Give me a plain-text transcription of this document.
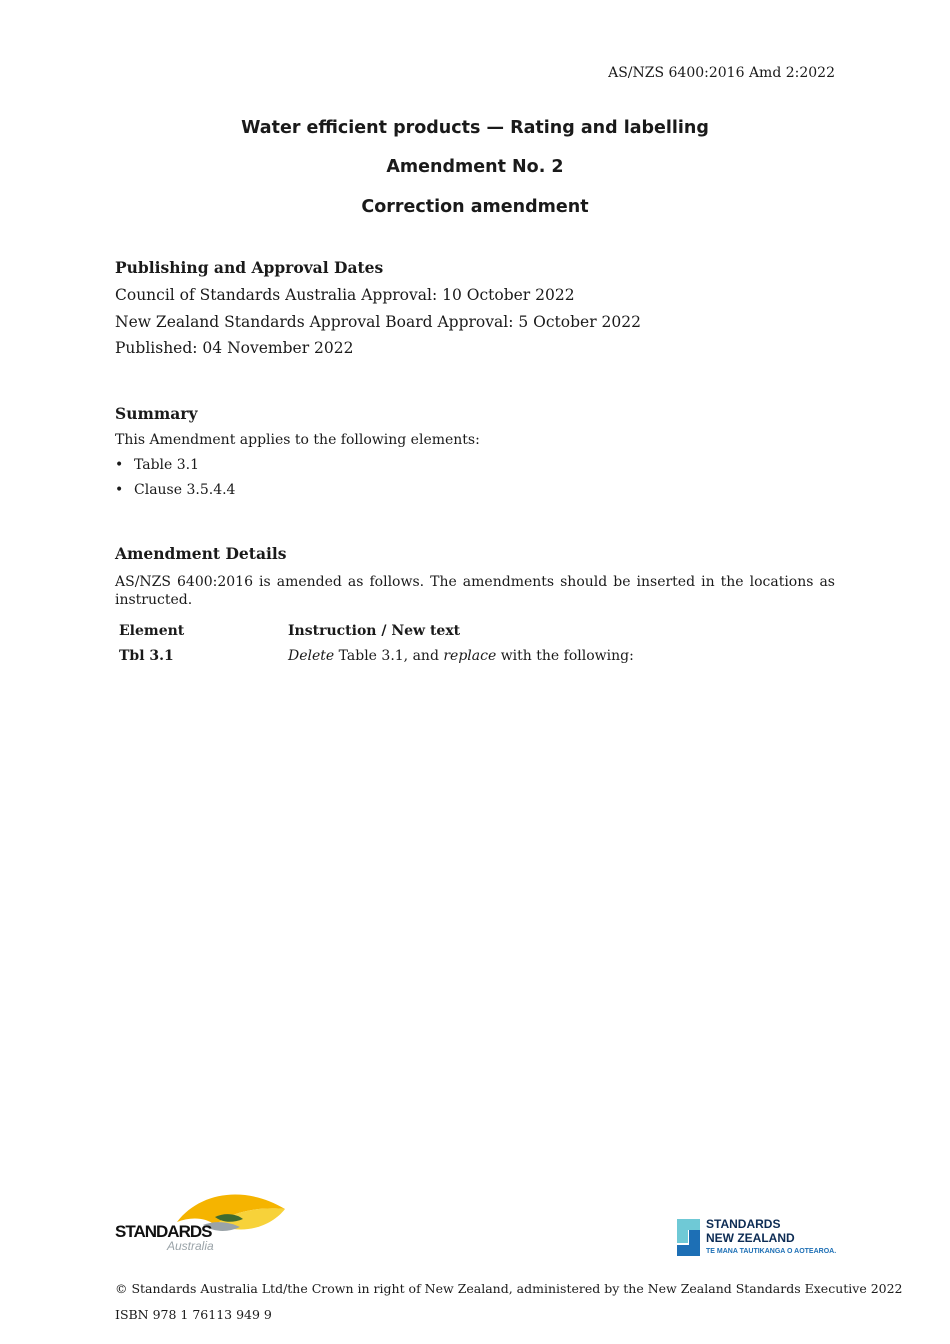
AS/NZS 6400:2016 Amd 2:2022
Water efficient products — Rating and labelling
Amendment No. 2
Correction amendment

Publishing and Approval Dates

Council of Standards Australia Approval: 10 October 2022

New Zealand Standards Approval Board Approval: 5 October 2022

Published: 04 November 2022

Summary

This Amendment applies to the following elements:

• Table 3.1
• Clause 3.5.4.4

Amendment Details

AS/NZS 6400:2016 is amended as follows. The amendments should be inserted in the locations as instructed.

Element	Instruction / New text
Tbl 3.1	Delete Table 3.1, and replace with the following:
STANDARDS
Australia
STANDARDS
NEW ZEALAND
TE MANA TAUTIKANGA O AOTEAROA.
© Standards Australia Ltd/the Crown in right of New Zealand, administered by the New Zealand Standards Executive 2022
ISBN 978 1 76113 949 9
